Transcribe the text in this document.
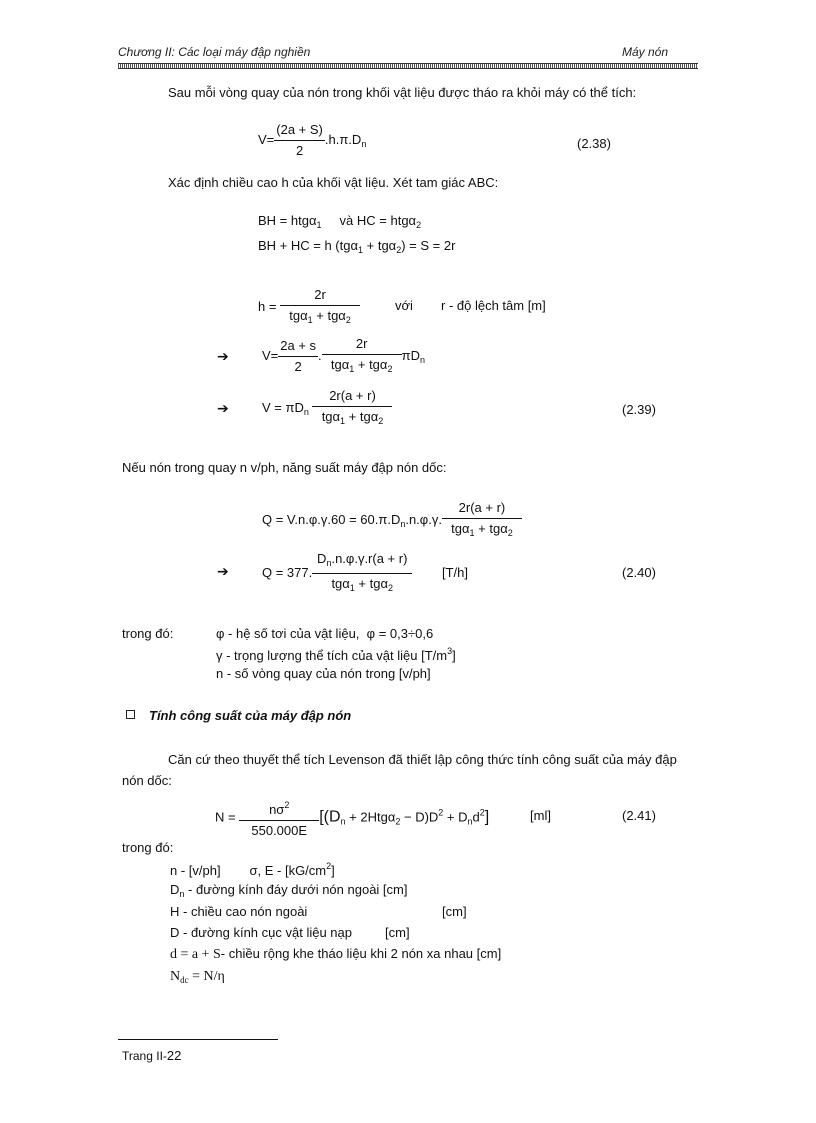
Chương II: Các loại máy đập nghiền	Máy nón
Sau mỗi vòng quay của nón trong khối vật liệu được tháo ra khỏi máy có thể tích:
$V= \frac{(2a + S)}{2} .h.\pi.D_n$	(2.38)
Xác định chiều cao h của khối vật liệu. Xét tam giác ABC:
BH = htgα$_1$ và HC = htgα$_2$
BH + HC = h (tgα$_1$ + tgα$_2$) = S = 2r
$h = \frac{2r}{tg\alpha_1 + tg\alpha_2}$	với r - độ lệch tâm [m]
➔	$V= \frac{2a + s}{2}$ . $\frac{2r}{tg\alpha_1 + tg\alpha_2} \pi D_n$
➔	$V = \pi D_n \frac{2r(a + r)}{tg\alpha_1 + tg\alpha_2}$	(2.39)
Nếu nón trong quay n v/ph, năng suất máy đập nón dốc:
$Q = V.n.\varphi.\gamma.60 = 60.\pi.D_n.n.\varphi.\gamma$. $\frac{2r(a + r)}{tg\alpha_1 + tg\alpha_2}$
➔	Q = 377. $\frac{D_n.n.\varphi.\gamma.r(a + r)}{tg\alpha_1 + tg\alpha_2} [T/h]$	(2.40)
trong đó:	φ - hệ số tơi của vật liệu, φ = 0,3÷0,6
γ - trọng lượng thể tích của vật liệu $[T/m^3]$
n - số vòng quay của nón trong [v/ph]
Tính công suất của máy đập nón
Căn cứ theo thuyết thể tích Levenson đã thiết lập công thức tính công suất của máy đập
nón dốc:
$N = \frac{n\sigma^2}{550.000E} [(D_n + 2Htg\alpha_2 - D)D^2 + D_nd^2]$	[ml]	(2.41)
trong đó:
n - [v/ph] σ, E - $[kG/cm^2]$
$D_n$ - đường kính đáy dưới nón ngoài [cm]
H - chiều cao nón ngoài	[cm]
D - đường kính cục vật liệu nạp	[cm]
d = a + S- chiều rộng khe tháo liệu khi 2 nón xa nhau [cm]
$N_{dc} = N/\eta$
Trang II-22
